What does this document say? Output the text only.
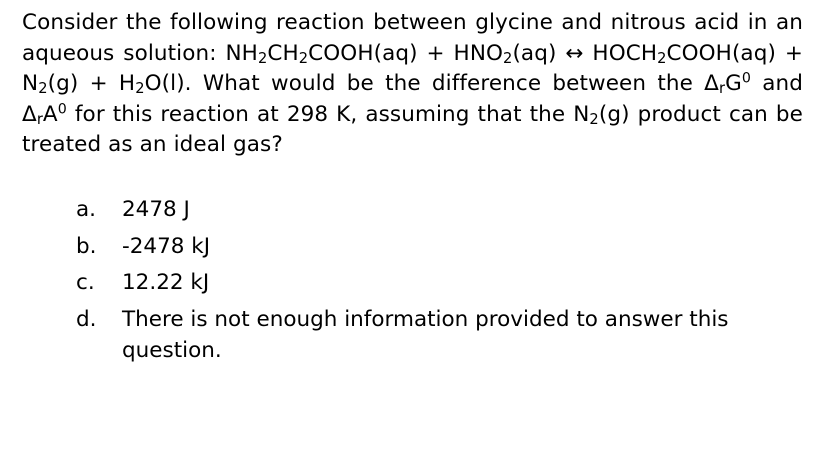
Consider the following reaction between glycine and nitrous acid in an aqueous solution: $NH_2CH_2COOH(aq) + HNO_2(aq)$ ↔ $HOCH_2COOH(aq) + N_2(g) + H_2O(l)$. What would be the difference between the $\Delta_rG^0$ and $\Delta_rA^0$ for this reaction at 298 K, assuming that the $N_2(g)$ product can be treated as an ideal gas?
a.	2478 J
b.	-2478 kJ
c.	12.22 kJ
d.	There is not enough information provided to answer this question.
